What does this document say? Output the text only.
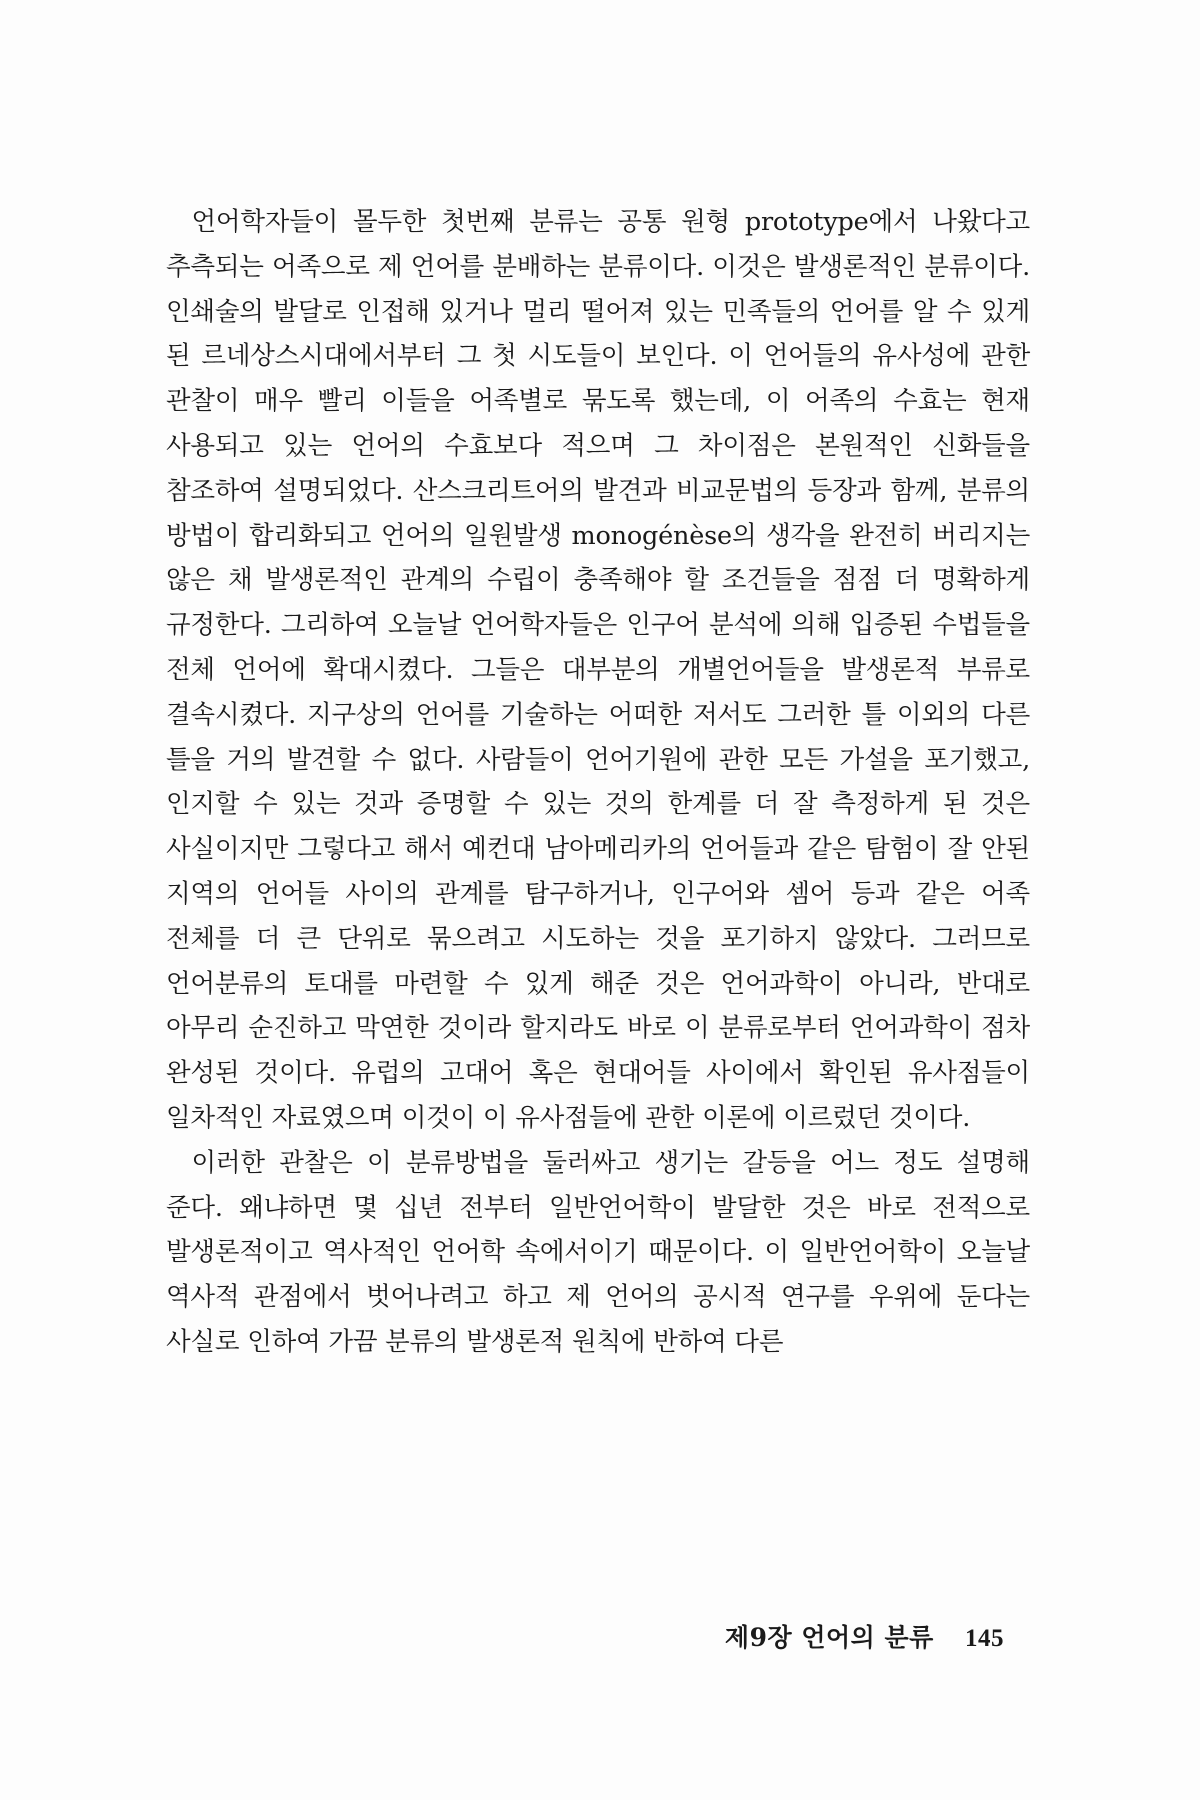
언어학자들이 몰두한 첫번째 분류는 공통 원형 prototype에서 나왔다고 추측되는 어족으로 제 언어를 분배하는 분류이다. 이것은 발생론적인 분류이다. 인쇄술의 발달로 인접해 있거나 멀리 떨어져 있는 민족들의 언어를 알 수 있게 된 르네상스시대에서부터 그 첫 시도들이 보인다. 이 언어들의 유사성에 관한 관찰이 매우 빨리 이들을 어족별로 묶도록 했는데, 이 어족의 수효는 현재 사용되고 있는 언어의 수효보다 적으며 그 차이점은 본원적인 신화들을 참조하여 설명되었다. 산스크리트어의 발견과 비교문법의 등장과 함께, 분류의 방법이 합리화되고 언어의 일원발생 monogénèse의 생각을 완전히 버리지는 않은 채 발생론적인 관계의 수립이 충족해야 할 조건들을 점점 더 명확하게 규정한다. 그리하여 오늘날 언어학자들은 인구어 분석에 의해 입증된 수법들을 전체 언어에 확대시켰다. 그들은 대부분의 개별언어들을 발생론적 부류로 결속시켰다. 지구상의 언어를 기술하는 어떠한 저서도 그러한 틀 이외의 다른 틀을 거의 발견할 수 없다. 사람들이 언어기원에 관한 모든 가설을 포기했고, 인지할 수 있는 것과 증명할 수 있는 것의 한계를 더 잘 측정하게 된 것은 사실이지만 그렇다고 해서 예컨대 남아메리카의 언어들과 같은 탐험이 잘 안된 지역의 언어들 사이의 관계를 탐구하거나, 인구어와 셈어 등과 같은 어족 전체를 더 큰 단위로 묶으려고 시도하는 것을 포기하지 않았다. 그러므로 언어분류의 토대를 마련할 수 있게 해준 것은 언어과학이 아니라, 반대로 아무리 순진하고 막연한 것이라 할지라도 바로 이 분류로부터 언어과학이 점차 완성된 것이다. 유럽의 고대어 혹은 현대어들 사이에서 확인된 유사점들이 일차적인 자료였으며 이것이 이 유사점들에 관한 이론에 이르렀던 것이다.

이러한 관찰은 이 분류방법을 둘러싸고 생기는 갈등을 어느 정도 설명해 준다. 왜냐하면 몇 십년 전부터 일반언어학이 발달한 것은 바로 전적으로 발생론적이고 역사적인 언어학 속에서이기 때문이다. 이 일반언어학이 오늘날 역사적 관점에서 벗어나려고 하고 제 언어의 공시적 연구를 우위에 둔다는 사실로 인하여 가끔 분류의 발생론적 원칙에 반하여 다른

제9장 언어의 분류 145
